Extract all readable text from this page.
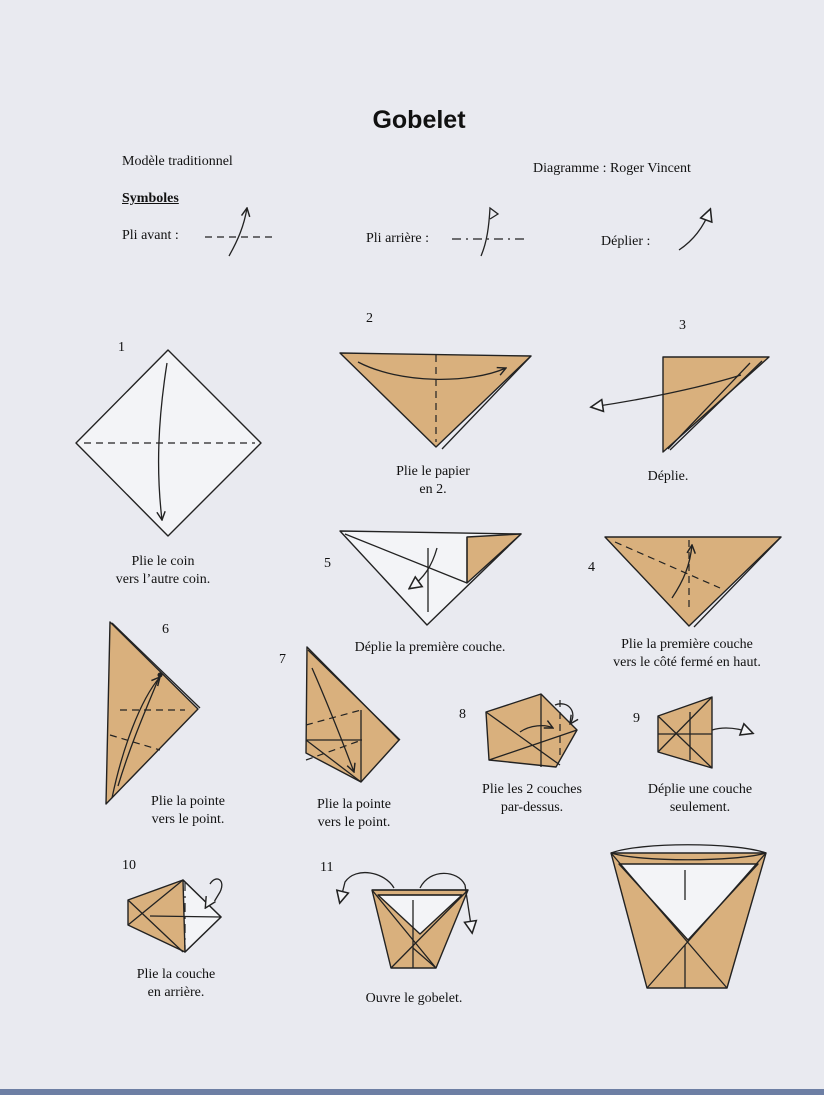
Gobelet
Modèle traditionnel	Diagramme : Roger Vincent
Symboles
Pli avant :	Pli arrière :	Déplier :
1
2	3
4
5
6
7
8	9
10	11
Plie le coin
vers l’autre coin.
Plie le papier
en 2.
Déplie.
Plie la première couche
vers le côté fermé en haut.
Déplie la première couche.
Plie la pointe
vers le point.
Plie la pointe
vers le point.
Plie les 2 couches
par-dessus.
Déplie une couche
seulement.
Plie la couche
en arrière.	Ouvre le gobelet.
